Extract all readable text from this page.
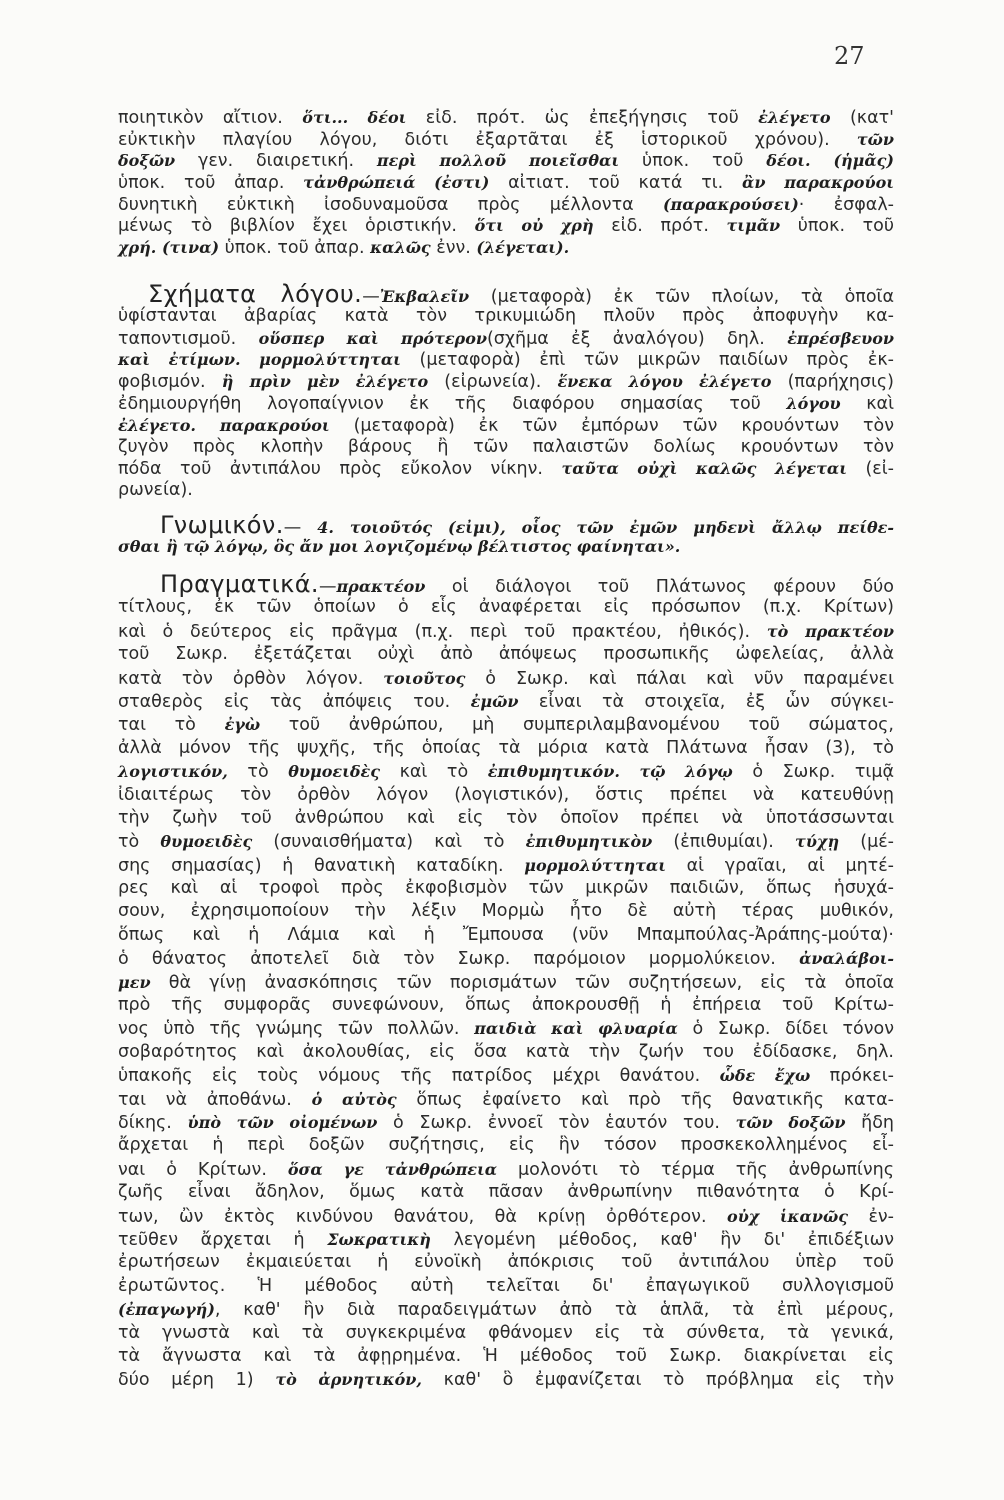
27
ποιητικὸν αἴτιον. ὅτι... δέοι εἰδ. πρότ. ὡς ἐπεξήγησις τοῦ ἐλέγετο (κατ'
εὐκτικὴν πλαγίου λόγου, διότι ἐξαρτᾶται ἐξ ἱστορικοῦ χρόνου). τῶν
δοξῶν γεν. διαιρετική. περὶ πολλοῦ ποιεῖσθαι ὑποκ. τοῦ δέοι. (ἡμᾶς)
ὑποκ. τοῦ ἀπαρ. τἀνθρώπειά (ἐστι) αἰτιατ. τοῦ κατά τι. ἂν παρακρούοι
δυνητικὴ εὐκτικὴ ἰσοδυναμοῦσα πρὸς μέλλοντα (παρακρούσει)· ἐσφαλ-
μένως τὸ βιβλίον ἔχει ὁριστικήν. ὅτι οὐ χρὴ εἰδ. πρότ. τιμᾶν ὑποκ. τοῦ
χρή. (τινα) ὑποκ. τοῦ ἀπαρ. καλῶς ἐνν. (λέγεται).
Σχήματα λόγου.—Ἐκβαλεῖν (μεταφορὰ) ἐκ τῶν πλοίων, τὰ ὁποῖα
ὑφίστανται ἀβαρίας κατὰ τὸν τρικυμιώδη πλοῦν πρὸς ἀποφυγὴν κα-
ταποντισμοῦ. οὕσπερ καὶ πρότερον(σχῆμα ἐξ ἀναλόγου) δηλ. ἐπρέσβευον
καὶ ἐτίμων. μορμολύττηται (μεταφορὰ) ἐπὶ τῶν μικρῶν παιδίων πρὸς ἐκ-
φοβισμόν. ἢ πρὶν μὲν ἐλέγετο (εἰρωνεία). ἕνεκα λόγου ἐλέγετο (παρήχησις)
ἐδημιουργήθη λογοπαίγνιον ἐκ τῆς διαφόρου σημασίας τοῦ λόγου καὶ
ἐλέγετο. παρακρούοι (μεταφορὰ) ἐκ τῶν ἐμπόρων τῶν κρουόντων τὸν
ζυγὸν πρὸς κλοπὴν βάρους ἢ τῶν παλαιστῶν δολίως κρουόντων τὸν
πόδα τοῦ ἀντιπάλου πρὸς εὔκολον νίκην. ταῦτα οὐχὶ καλῶς λέγεται (εἰ-
ρωνεία).
Γνωμικόν.— 4. τοιοῦτός (εἰμι), οἷος τῶν ἐμῶν μηδενὶ ἄλλῳ πείθε-
σθαι ἢ τῷ λόγῳ, ὃς ἄν μοι λογιζομένῳ βέλτιστος φαίνηται».
Πραγματικά.—πρακτέον οἱ διάλογοι τοῦ Πλάτωνος φέρουν δύο
τίτλους, ἐκ τῶν ὁποίων ὁ εἷς ἀναφέρεται εἰς πρόσωπον (π.χ. Κρίτων)
καὶ ὁ δεύτερος εἰς πρᾶγμα (π.χ. περὶ τοῦ πρακτέου, ἠθικός). τὸ πρακτέον
τοῦ Σωκρ. ἐξετάζεται οὐχὶ ἀπὸ ἀπόψεως προσωπικῆς ὠφελείας, ἀλλὰ
κατὰ τὸν ὀρθὸν λόγον. τοιοῦτος ὁ Σωκρ. καὶ πάλαι καὶ νῦν παραμένει
σταθερὸς εἰς τὰς ἀπόψεις του. ἐμῶν εἶναι τὰ στοιχεῖα, ἐξ ὧν σύγκει-
ται τὸ ἐγὼ τοῦ ἀνθρώπου, μὴ συμπεριλαμβανομένου τοῦ σώματος,
ἀλλὰ μόνον τῆς ψυχῆς, τῆς ὁποίας τὰ μόρια κατὰ Πλάτωνα ἦσαν (3), τὸ
λογιστικόν, τὸ θυμοειδὲς καὶ τὸ ἐπιθυμητικόν. τῷ λόγῳ ὁ Σωκρ. τιμᾷ
ἰδιαιτέρως τὸν ὀρθὸν λόγον (λογιστικόν), ὅστις πρέπει νὰ κατευθύνῃ
τὴν ζωὴν τοῦ ἀνθρώπου καὶ εἰς τὸν ὁποῖον πρέπει νὰ ὑποτάσσωνται
τὸ θυμοειδὲς (συναισθήματα) καὶ τὸ ἐπιθυμητικὸν (ἐπιθυμίαι). τύχῃ (μέ-
σης σημασίας) ἡ θανατικὴ καταδίκη. μορμολύττηται αἱ γραῖαι, αἱ μητέ-
ρες καὶ αἱ τροφοὶ πρὸς ἐκφοβισμὸν τῶν μικρῶν παιδιῶν, ὅπως ἡσυχά-
σουν, ἐχρησιμοποίουν τὴν λέξιν Μορμὼ ἦτο δὲ αὐτὴ τέρας μυθικόν,
ὅπως καὶ ἡ Λάμια καὶ ἡ Ἔμπουσα (νῦν Μπαμπούλας-Ἀράπης-μούτα)·
ὁ θάνατος ἀποτελεῖ διὰ τὸν Σωκρ. παρόμοιον μορμολύκειον. ἀναλάβοι-
μεν θὰ γίνῃ ἀνασκόπησις τῶν πορισμάτων τῶν συζητήσεων, εἰς τὰ ὁποῖα
πρὸ τῆς συμφορᾶς συνεφώνουν, ὅπως ἀποκρουσθῇ ἡ ἐπήρεια τοῦ Κρίτω-
νος ὑπὸ τῆς γνώμης τῶν πολλῶν. παιδιὰ καὶ φλυαρία ὁ Σωκρ. δίδει τόνον
σοβαρότητος καὶ ἀκολουθίας, εἰς ὅσα κατὰ τὴν ζωήν του ἐδίδασκε, δηλ.
ὑπακοῆς εἰς τοὺς νόμους τῆς πατρίδος μέχρι θανάτου. ὧδε ἔχω πρόκει-
ται νὰ ἀποθάνω. ὁ αὐτὸς ὅπως ἐφαίνετο καὶ πρὸ τῆς θανατικῆς κατα-
δίκης. ὑπὸ τῶν οἰομένων ὁ Σωκρ. ἐννοεῖ τὸν ἑαυτόν του. τῶν δοξῶν ἤδη
ἄρχεται ἡ περὶ δοξῶν συζήτησις, εἰς ἣν τόσον προσκεκολλημένος εἶ-
ναι ὁ Κρίτων. ὅσα γε τἀνθρώπεια μολονότι τὸ τέρμα τῆς ἀνθρωπίνης
ζωῆς εἶναι ἄδηλον, ὅμως κατὰ πᾶσαν ἀνθρωπίνην πιθανότητα ὁ Κρί-
των, ὢν ἐκτὸς κινδύνου θανάτου, θὰ κρίνῃ ὀρθότερον. οὐχ ἱκανῶς ἐν-
τεῦθεν ἄρχεται ἡ Σωκρατικὴ λεγομένη μέθοδος, καθ' ἣν δι' ἐπιδέξιων
ἐρωτήσεων ἐκμαιεύεται ἡ εὐνοϊκὴ ἀπόκρισις τοῦ ἀντιπάλου ὑπὲρ τοῦ
ἐρωτῶντος. Ἡ μέθοδος αὐτὴ τελεῖται δι' ἐπαγωγικοῦ συλλογισμοῦ
(ἐπαγωγή), καθ' ἣν διὰ παραδειγμάτων ἀπὸ τὰ ἁπλᾶ, τὰ ἐπὶ μέρους,
τὰ γνωστὰ καὶ τὰ συγκεκριμένα φθάνομεν εἰς τὰ σύνθετα, τὰ γενικά,
τὰ ἄγνωστα καὶ τὰ ἀφῃρημένα. Ἡ μέθοδος τοῦ Σωκρ. διακρίνεται εἰς
δύο μέρη 1) τὸ ἀρνητικόν, καθ' ὃ ἐμφανίζεται τὸ πρόβλημα εἰς τὴν
